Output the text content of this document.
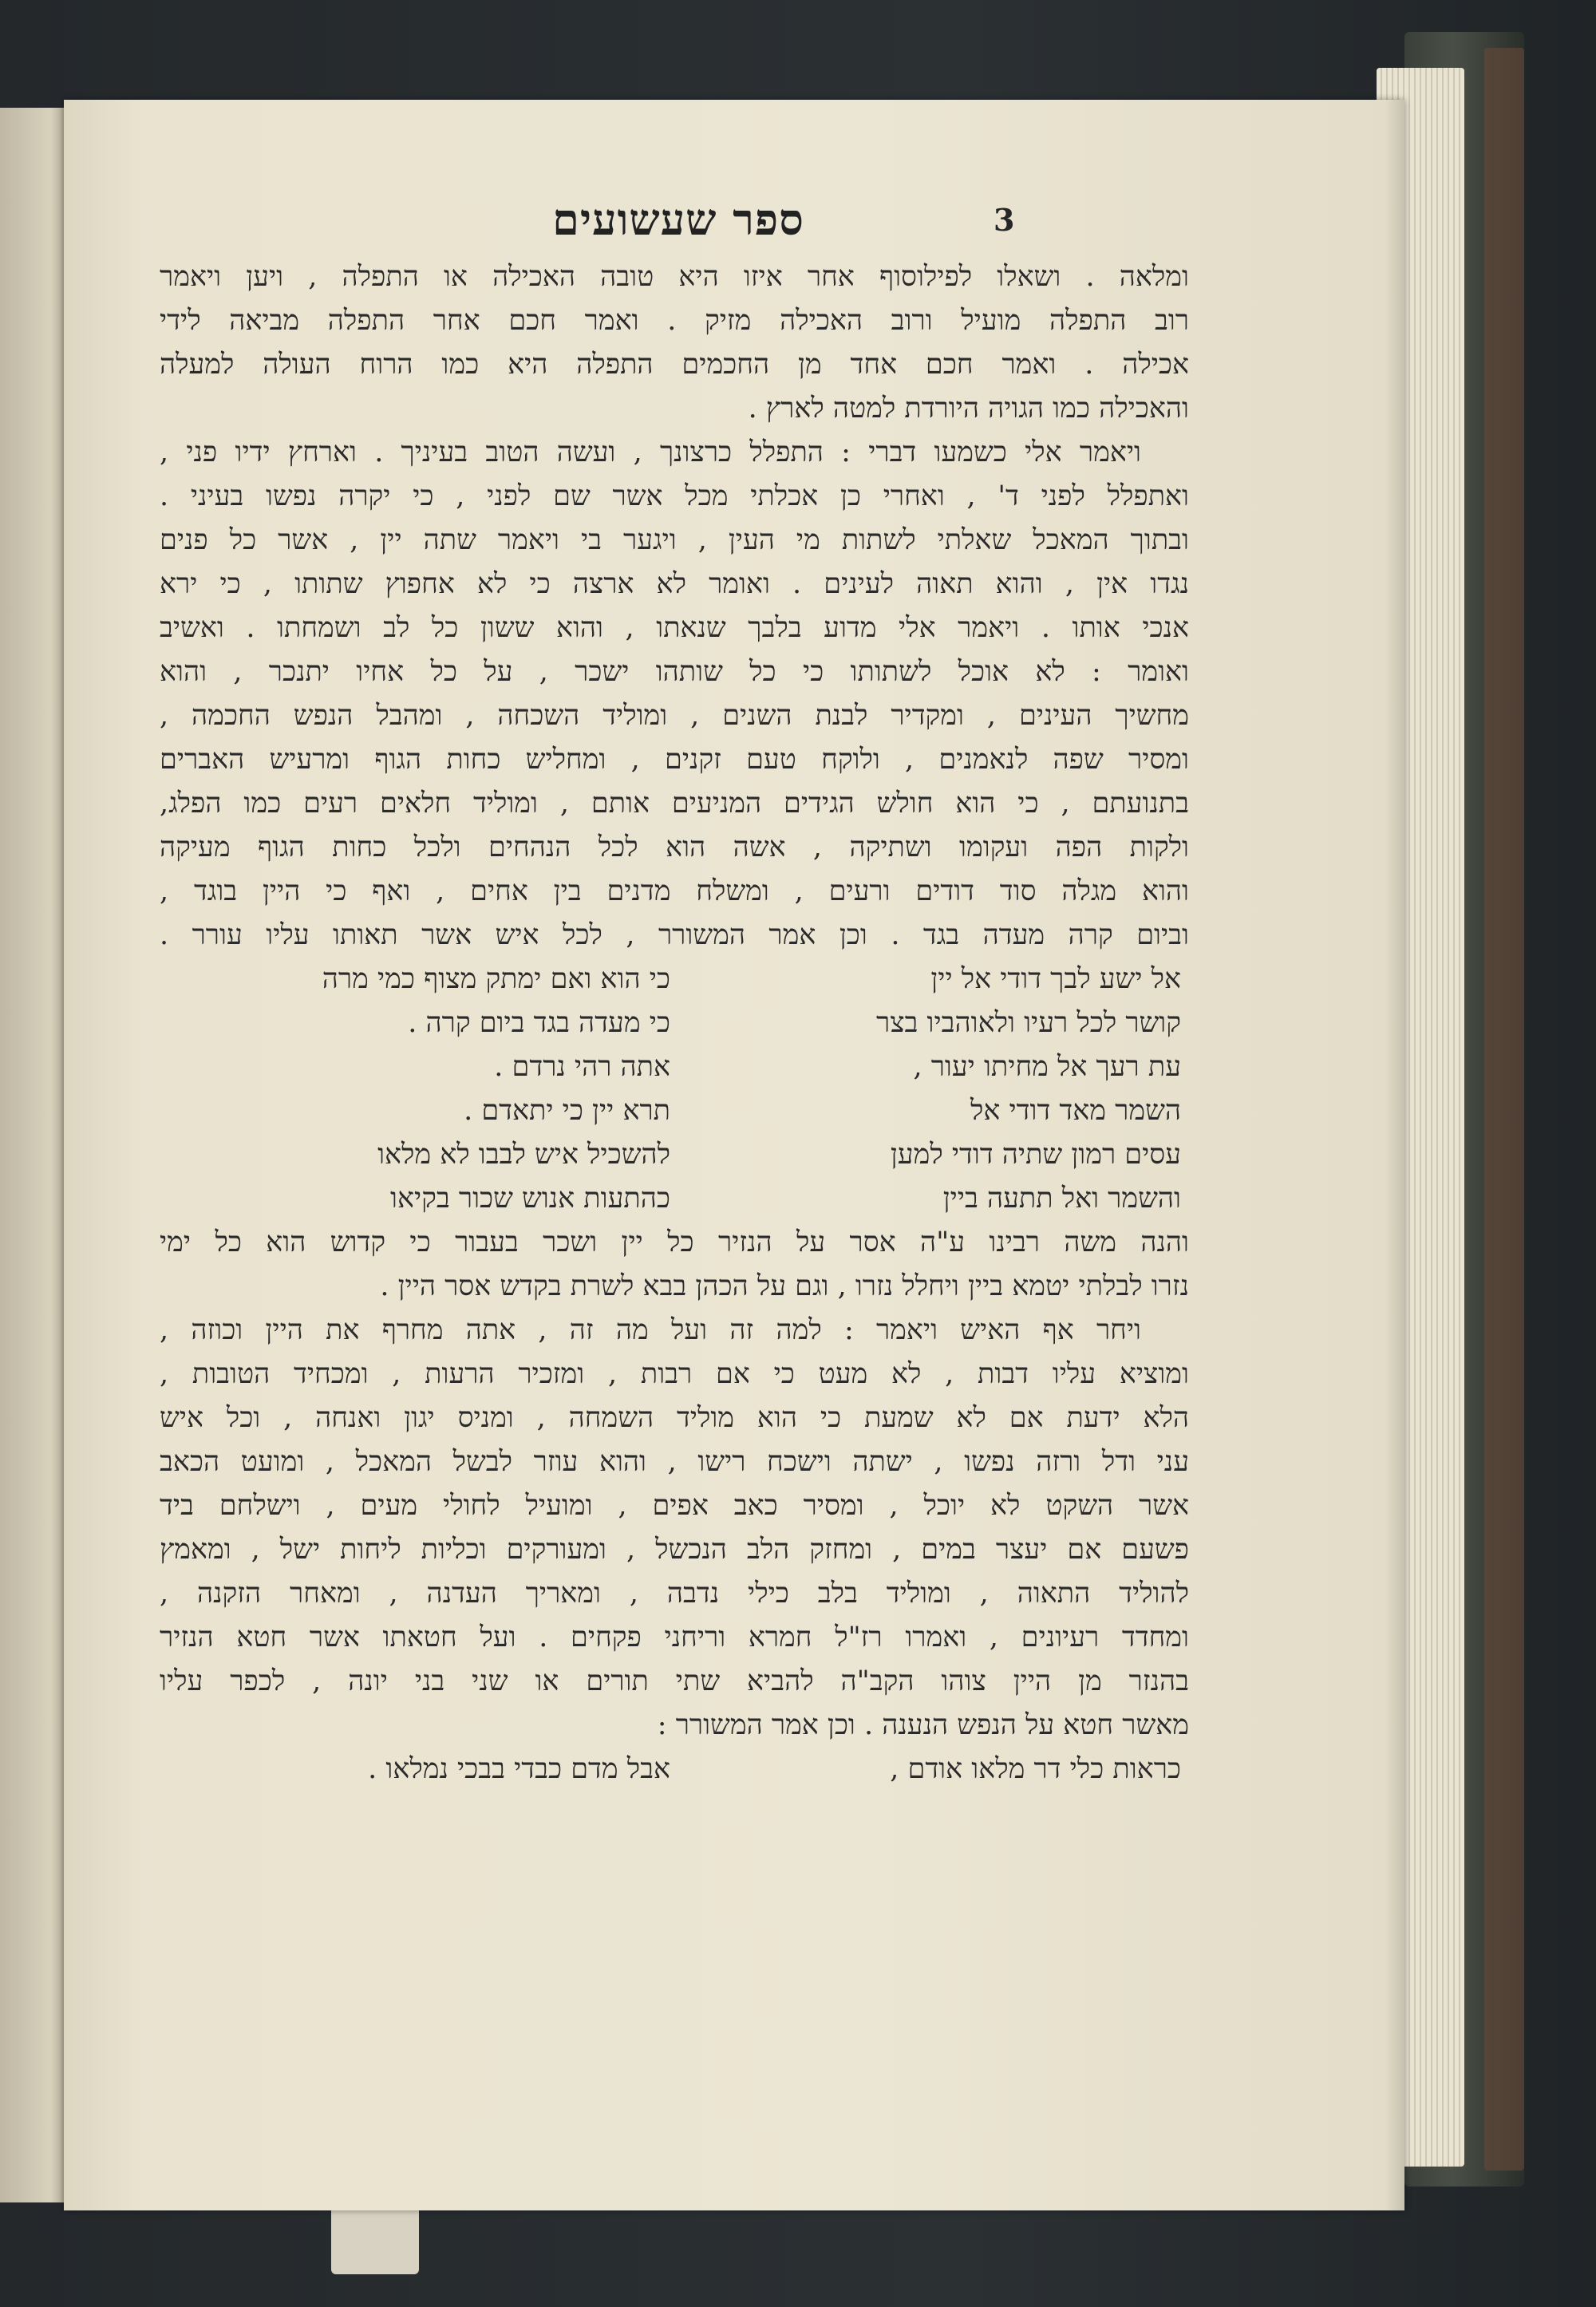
3
ספר שעשועים
ומלאה . ושאלו לפילוסוף אחר איזו היא טובה האכילה או התפלה , ויען ויאמר
רוב התפלה מועיל ורוב האכילה מזיק . ואמר חכם אחר התפלה מביאה לידי
אכילה . ואמר חכם אחד מן החכמים התפלה היא כמו הרוח העולה למעלה
והאכילה כמו הגויה היורדת למטה לארץ .
ויאמר אלי כשמעו דברי : התפלל כרצונך , ועשה הטוב בעיניך . וארחץ ידיו פני ,
ואתפלל לפני ד' , ואחרי כן אכלתי מכל אשר שם לפני , כי יקרה נפשו בעיני .
ובתוך המאכל שאלתי לשתות מי העין , ויגער בי ויאמר שתה יין , אשר כל פנים
נגדו אין , והוא תאוה לעינים . ואומר לא ארצה כי לא אחפוץ שתותו , כי ירא
אנכי אותו . ויאמר אלי מדוע בלבך שנאתו , והוא ששון כל לב ושמחתו . ואשיב
ואומר : לא אוכל לשתותו כי כל שותהו ישכר , על כל אחיו יתנכר , והוא
מחשיך העינים , ומקדיר לבנת השנים , ומוליד השכחה , ומהבל הנפש החכמה ,
ומסיר שפה לנאמנים , ולוקח טעם זקנים , ומחליש כחות הגוף ומרעיש האברים
בתנועתם , כי הוא חולש הגידים המניעים אותם , ומוליד חלאים רעים כמו הפלג,
ולקות הפה ועקומו ושתיקה , אשה הוא לכל הנהחים ולכל כחות הגוף מעיקה
והוא מגלה סוד דודים ורעים , ומשלח מדנים בין אחים , ואף כי היין בוגד ,
וביום קרה מעדה בגד . וכן אמר המשורר , לכל איש אשר תאותו עליו עורר .
אל ישע לבך דודי אל יין
כי הוא ואם ימתק מצוף כמי מרה
קושר לכל רעיו ולאוהביו בצר
כי מעדה בגד ביום קרה .
עת רעך אל מחיתו יעור ,
אתה רהי נרדם .
השמר מאד דודי אל
תרא יין כי יתאדם .
עסים רמון שתיה דודי למען
להשכיל איש לבבו לא מלאו
והשמר ואל תתעה ביין
כהתעות אנוש שכור בקיאו
והנה משה רבינו ע"ה אסר על הנזיר כל יין ושכר בעבור כי קדוש הוא כל ימי
נזרו לבלתי יטמא ביין ויחלל נזרו , וגם על הכהן בבא לשרת בקדש אסר היין .
ויחר אף האיש ויאמר : למה זה ועל מה זה , אתה מחרף את היין וכוזה ,
ומוציא עליו דבות , לא מעט כי אם רבות , ומזכיר הרעות , ומכחיד הטובות ,
הלא ידעת אם לא שמעת כי הוא מוליד השמחה , ומניס יגון ואנחה , וכל איש
עני ודל ורזה נפשו , ישתה וישכח רישו , והוא עוזר לבשל המאכל , ומועט הכאב
אשר השקט לא יוכל , ומסיר כאב אפים , ומועיל לחולי מעים , וישלחם ביד
פשעם אם יעצר במים , ומחזק הלב הנכשל , ומעורקים וכליות ליחות ישל , ומאמץ
להוליד התאוה , ומוליד בלב כילי נדבה , ומאריך העדנה , ומאחר הזקנה ,
ומחדד רעיונים , ואמרו רז"ל חמרא וריחני פקחים . ועל חטאתו אשר חטא הנזיר
בהנזר מן היין צוהו הקב"ה להביא שתי תורים או שני בני יונה , לכפר עליו
מאשר חטא על הנפש הנענה . וכן אמר המשורר :
כראות כלי דר מלאו אודם ,
אבל מדם כבדי בבכי נמלאו .
